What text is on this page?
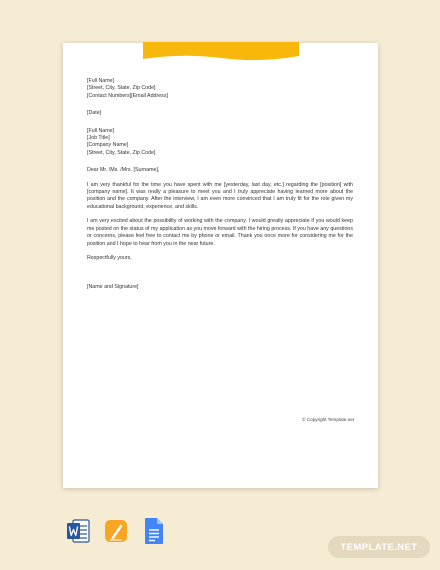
[Full Name]
[Street, City, State, Zip Code]
[Contact Numbers][Email Address]
[Date]
[Full Name]
[Job Title]
[Company Name]
[Street, City, State, Zip Code]
Dear Mr. /Ms. /Mrs. [Surname],
I am very thankful for the time you have spent with me [yesterday, last day, etc.] regarding the [position] with [company name]. It was really a pleasure to meet you and I truly appreciate having learned more about the position and the company. After the interview, I am even more convinced that I am truly fit for the role given my educational background, experience, and skills.
I am very excited about the possibility of working with the company. I would greatly appreciate if you would keep me posted on the status of my application as you move forward with the hiring process. If you have any questions or concerns, please feel free to contact me by phone or email. Thank you once more for considering me for the position and I hope to hear from you in the near future.
Respectfully yours,
[Name and Signature]
© Copyright Template.net
TEMPLATE.NET
